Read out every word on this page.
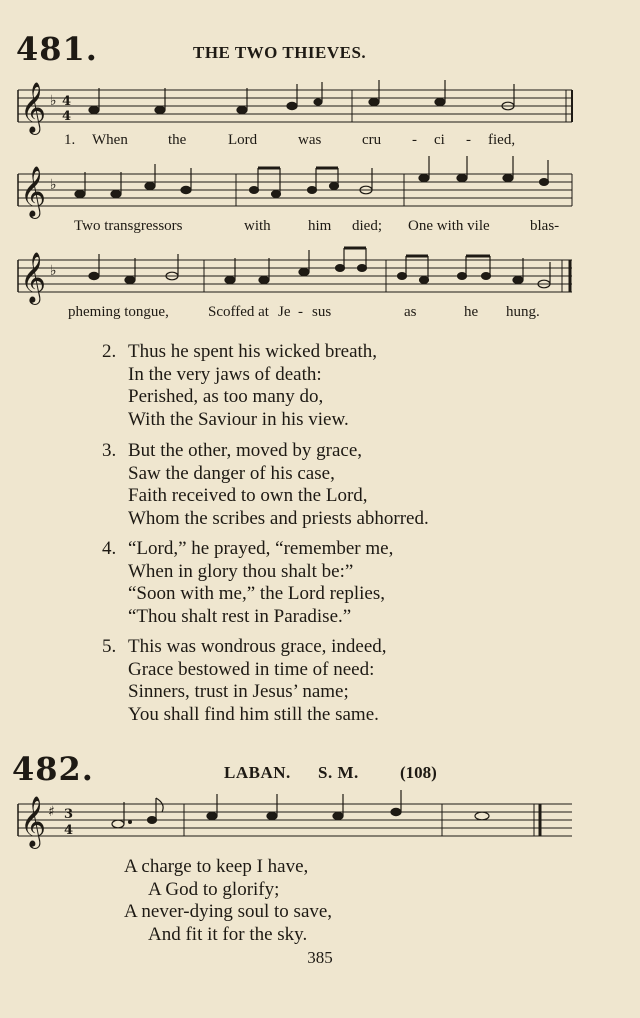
481.	THE TWO THIEVES.
𝄞 ♭ 4
4
1. When	the	Lord	was	cru - ci - fied,
𝄞 ♭
Two transgressors	with him died; One with vile	blas-
𝄞 ♭
pheming tongue,	Scoffed at Je - sus	as	he hung.
2. Thus he spent his wicked breath,
In the very jaws of death:
Perished, as too many do,
With the Saviour in his view.
3. But the other, moved by grace,
Saw the danger of his case,
Faith received to own the Lord,
Whom the scribes and priests abhorred.
4. “Lord,” he prayed, “remember me,
When in glory thou shalt be:”
“Soon with me,” the Lord replies,
“Thou shalt rest in Paradise.”
5. This was wondrous grace, indeed,
Grace bestowed in time of need:
Sinners, trust in Jesus’ name;
You shall find him still the same.
482.	LABAN. S. M. (108)
𝄞 ♯ 3
4
A charge to keep I have,
A God to glorify;
A never-dying soul to save,
And fit it for the sky.
385
